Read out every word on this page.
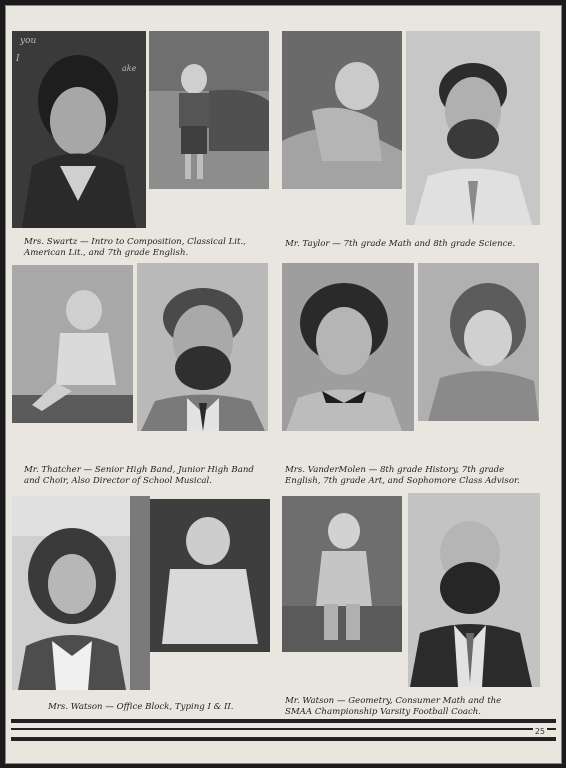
you
I
ake
Mrs. Swartz — Intro to Composition, Classical Lit.,
American Lit., and 7th grade English.
Mr. Taylor — 7th grade Math and 8th grade Science.
Mr. Thatcher — Senior High Band, Junior High Band
and Choir, Also Director of School Musical.
Mrs. VanderMolen — 8th grade History, 7th grade
English, 7th grade Art, and Sophomore Class Advisor.
Mrs. Watson — Office Block, Typing I & II.
Mr. Watson — Geometry, Consumer Math and the
SMAA Championship Varsity Football Coach.
25
